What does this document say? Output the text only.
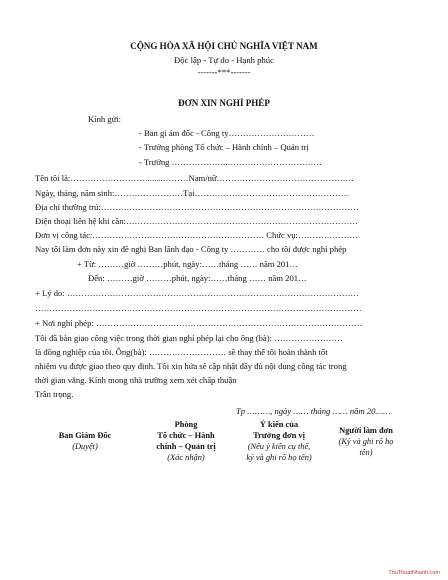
CỘNG HÒA XÃ HỘI CHỦ NGHĨA VIỆT NAM
Độc lập - Tự do - Hạnh phúc
-------***-------
ĐƠN XIN NGHỈ PHÉP
Kính gửi:
- Ban gi ám đốc - Công ty…………………………
- Trưởng phòng Tổ chức – Hành chính – Quản trị
- Trưởng ………………..……………………………
Tên tôi là:……………………….......………Nam/nữ…………………………………………
Ngày, tháng, năm sinh:……………………Tại………………………………………………
Địa chỉ thường trú:………………………………………………………………………………
Điện thoại liên hệ khi cần:………………………………………………………………………
Đơn vị công tác:…………………………………………………… Chức vụ:…………………
Nay tôi làm đơn này xin đề nghị Ban lãnh đạo - Công ty ………… cho tôi được nghỉ phép
+ Từ: ………giờ ………phút, ngày:……tháng …… năm 201…
Đến: ………giờ ………phút, ngày:……tháng …… năm 201…
+ Lý do: …………………………………………………………………………………………
……………………………………………………………………………………………………
+ Nơi nghỉ phép: …………………………………………………………………………………
Tôi đã bàn giao công việc trong thời gian nghỉ phép lại cho ông (bà): ……………………
là đồng nghiệp của tôi. Ông(bà): ……………………… sẽ thay thế tôi hoàn thành tốt
nhiệm vụ được giao theo quy định. Tôi xin hứa sẽ cập nhật đầy đủ nội dung công tác trong
thời gian vắng. Kính mong nhà trường xem xét chấp thuận
Trân trọng.
Tp ………, ngày …… tháng …… năm 20……
Ban Giám Đốc
(Duyệt)
Phòng
Tổ chức – Hành
chính – Quản trị
(Xác nhận)
Ý kiến của
Trưởng đơn vị
(Nêu ý kiến cụ thể,
ký và ghi rõ họ tên)
Người làm đơn
(Ký và ghi rõ họ
tên)
ThuThuatNhanh.com
